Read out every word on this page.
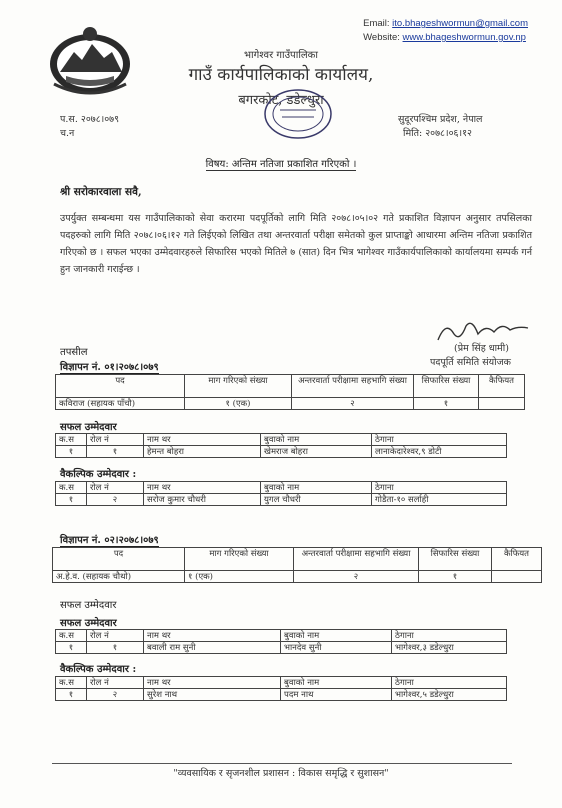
Email: ito.bhageshwormun@gmail.com
Website: www.bhageshwormun.gov.np
भागेश्वर गाउँपालिका
गाउँ कार्यपालिकाको कार्यालय,
बगरकोट, डडेल्धुरा
प.स. २०७८।०७९
च.न
सुदूरपश्चिम प्रदेश, नेपाल
मिति: २०७८।०६।१२
विषय: अन्तिम नतिजा प्रकाशित गरिएको ।
श्री सरोकारवाला सवै,
उपर्युक्त सम्बन्धमा यस गाउँपालिकाको सेवा करारमा पदपूर्तिको लागि मिति २०७८।०५।०२ गते प्रकाशित विज्ञापन अनुसार तपसिलका पदहरुको लागि मिति २०७८।०६।१२ गते लिईएको लिखित तथा अन्तरवार्ता परीक्षा समेतको कुल प्राप्ताङ्को आधारमा अन्तिम नतिजा प्रकाशित गरिएको छ । सफल भएका उम्मेदवारहरुले सिफारिस भएको मितिले ७ (सात) दिन भित्र भागेश्वर गाउँकार्यपालिकाको कार्यालयमा सम्पर्क गर्न हुन जानकारी गराईन्छ ।
(प्रेम सिंह धामी)
पदपूर्ति समिति संयोजक
तपसील
विज्ञापन नं. ०१।२०७८।०७९
पद	माग गरिएको संख्या	अन्तरवार्ता परीक्षामा सहभागि संख्या	सिफारिस संख्या	कैफियत
कविराज (सहायक पाँचौ)	१ (एक)	२	१	
सफल उम्मेदवार
क.स	रोल नं	नाम थर	बुवाको नाम	ठेगाना
१	१	हेमन्त बोहरा	खेमराज बोहरा	लानाकेदारेश्वर,९ डोटी
वैकल्पिक उम्मेदवार :
क.स	रोल नं	नाम थर	बुवाको नाम	ठेगाना
१	२	सरोज कुमार चौधरी	युगल चौधरी	गोडैता-१० सर्लाही
विज्ञापन नं. ०२।२०७८।०७९
पद	माग गरिएको संख्या	अन्तरवार्ता परीक्षामा सहभागि संख्या	सिफारिस संख्या	कैफियत
अ.हे.व. (सहायक चौथो)	१ (एक)	२	१	
सफल उम्मेदवार
सफल उम्मेदवार
क.स	रोल नं	नाम थर	बुवाको नाम	ठेगाना
१	१	बवाली राम सुनी	भानदेव सुनी	भागेश्वर,३ डडेल्धुरा
वैकल्पिक उम्मेदवार :
क.स	रोल नं	नाम थर	बुवाको नाम	ठेगाना
१	२	सुरेश नाथ	पदम नाथ	भागेश्वर,५ डडेल्धुरा
"व्यवसायिक र सृजनशील प्रशासन : विकास समृद्धि र सुशासन"
